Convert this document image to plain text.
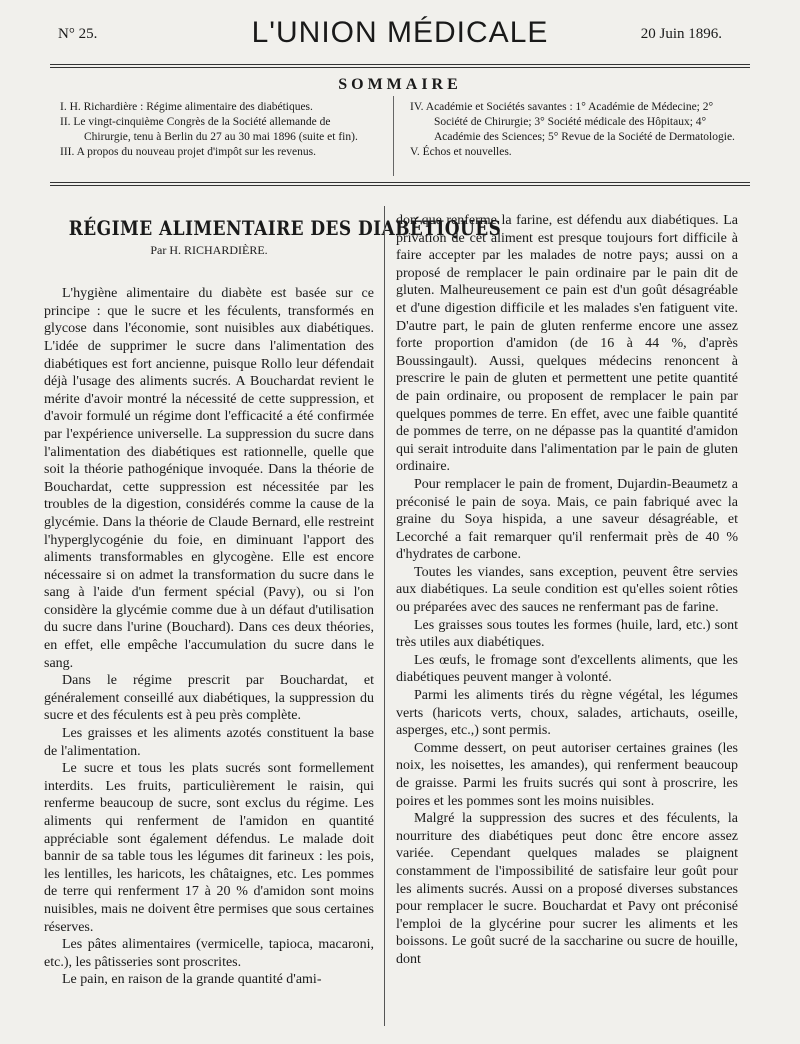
N° 25.	L'UNION MÉDICALE	20 Juin 1896.
SOMMAIRE

I. H. Richardière : Régime alimentaire des diabétiques.

II. Le vingt-cinquième Congrès de la Société allemande de Chirurgie, tenu à Berlin du 27 au 30 mai 1896 (suite et fin).

III. A propos du nouveau projet d'impôt sur les revenus.

IV. Académie et Sociétés savantes : 1° Académie de Médecine; 2° Société de Chirurgie; 3° Société médicale des Hôpitaux; 4° Académie des Sciences; 5° Revue de la Société de Dermatologie.

V. Échos et nouvelles.

RÉGIME ALIMENTAIRE DES DIABÉTIQUES
Par H. RICHARDIÈRE.

L'hygiène alimentaire du diabète est basée sur ce principe : que le sucre et les féculents, transformés en glycose dans l'économie, sont nuisibles aux diabétiques. L'idée de supprimer le sucre dans l'alimentation des diabétiques est fort ancienne, puisque Rollo leur défendait déjà l'usage des aliments sucrés. A Bouchardat revient le mérite d'avoir montré la nécessité de cette suppression, et d'avoir formulé un régime dont l'efficacité a été confirmée par l'expérience universelle. La suppression du sucre dans l'alimentation des diabétiques est rationnelle, quelle que soit la théorie pathogénique invoquée. Dans la théorie de Bouchardat, cette suppression est nécessitée par les troubles de la digestion, considérés comme la cause de la glycémie. Dans la théorie de Claude Bernard, elle restreint l'hyperglycogénie du foie, en diminuant l'apport des aliments transformables en glycogène. Elle est encore nécessaire si on admet la transformation du sucre dans le sang à l'aide d'un ferment spécial (Pavy), ou si l'on considère la glycémie comme due à un défaut d'utilisation du sucre dans l'urine (Bouchard). Dans ces deux théories, en effet, elle empêche l'accumulation du sucre dans le sang.

Dans le régime prescrit par Bouchardat, et généralement conseillé aux diabétiques, la suppression du sucre et des féculents est à peu près complète.

Les graisses et les aliments azotés constituent la base de l'alimentation.

Le sucre et tous les plats sucrés sont formellement interdits. Les fruits, particulièrement le raisin, qui renferme beaucoup de sucre, sont exclus du régime. Les aliments qui renferment de l'amidon en quantité appréciable sont également défendus. Le malade doit bannir de sa table tous les légumes dit farineux : les pois, les lentilles, les haricots, les châtaignes, etc. Les pommes de terre qui renferment 17 à 20 % d'amidon sont moins nuisibles, mais ne doivent être permises que sous certaines réserves.

Les pâtes alimentaires (vermicelle, tapioca, macaroni, etc.), les pâtisseries sont proscrites.

Le pain, en raison de la grande quantité d'ami-

don que renferme la farine, est défendu aux diabétiques. La privation de cet aliment est presque toujours fort difficile à faire accepter par les malades de notre pays; aussi on a proposé de remplacer le pain ordinaire par le pain dit de gluten. Malheureusement ce pain est d'un goût désagréable et d'une digestion difficile et les malades s'en fatiguent vite. D'autre part, le pain de gluten renferme encore une assez forte proportion d'amidon (de 16 à 44 %, d'après Boussingault). Aussi, quelques médecins renoncent à prescrire le pain de gluten et permettent une petite quantité de pain ordinaire, ou proposent de remplacer le pain par quelques pommes de terre. En effet, avec une faible quantité de pommes de terre, on ne dépasse pas la quantité d'amidon qui serait introduite dans l'alimentation par le pain de gluten ordinaire.

Pour remplacer le pain de froment, Dujardin-Beaumetz a préconisé le pain de soya. Mais, ce pain fabriqué avec la graine du Soya hispida, a une saveur désagréable, et Lecorché a fait remarquer qu'il renfermait près de 40 % d'hydrates de carbone.

Toutes les viandes, sans exception, peuvent être servies aux diabétiques. La seule condition est qu'elles soient rôties ou préparées avec des sauces ne renfermant pas de farine.

Les graisses sous toutes les formes (huile, lard, etc.) sont très utiles aux diabétiques.

Les œufs, le fromage sont d'excellents aliments, que les diabétiques peuvent manger à volonté.

Parmi les aliments tirés du règne végétal, les légumes verts (haricots verts, choux, salades, artichauts, oseille, asperges, etc.,) sont permis.

Comme dessert, on peut autoriser certaines graines (les noix, les noisettes, les amandes), qui renferment beaucoup de graisse. Parmi les fruits sucrés qui sont à proscrire, les poires et les pommes sont les moins nuisibles.

Malgré la suppression des sucres et des féculents, la nourriture des diabétiques peut donc être encore assez variée. Cependant quelques malades se plaignent constamment de l'impossibilité de satisfaire leur goût pour les aliments sucrés. Aussi on a proposé diverses substances pour remplacer le sucre. Bouchardat et Pavy ont préconisé l'emploi de la glycérine pour sucrer les aliments et les boissons. Le goût sucré de la saccharine ou sucre de houille, dont
